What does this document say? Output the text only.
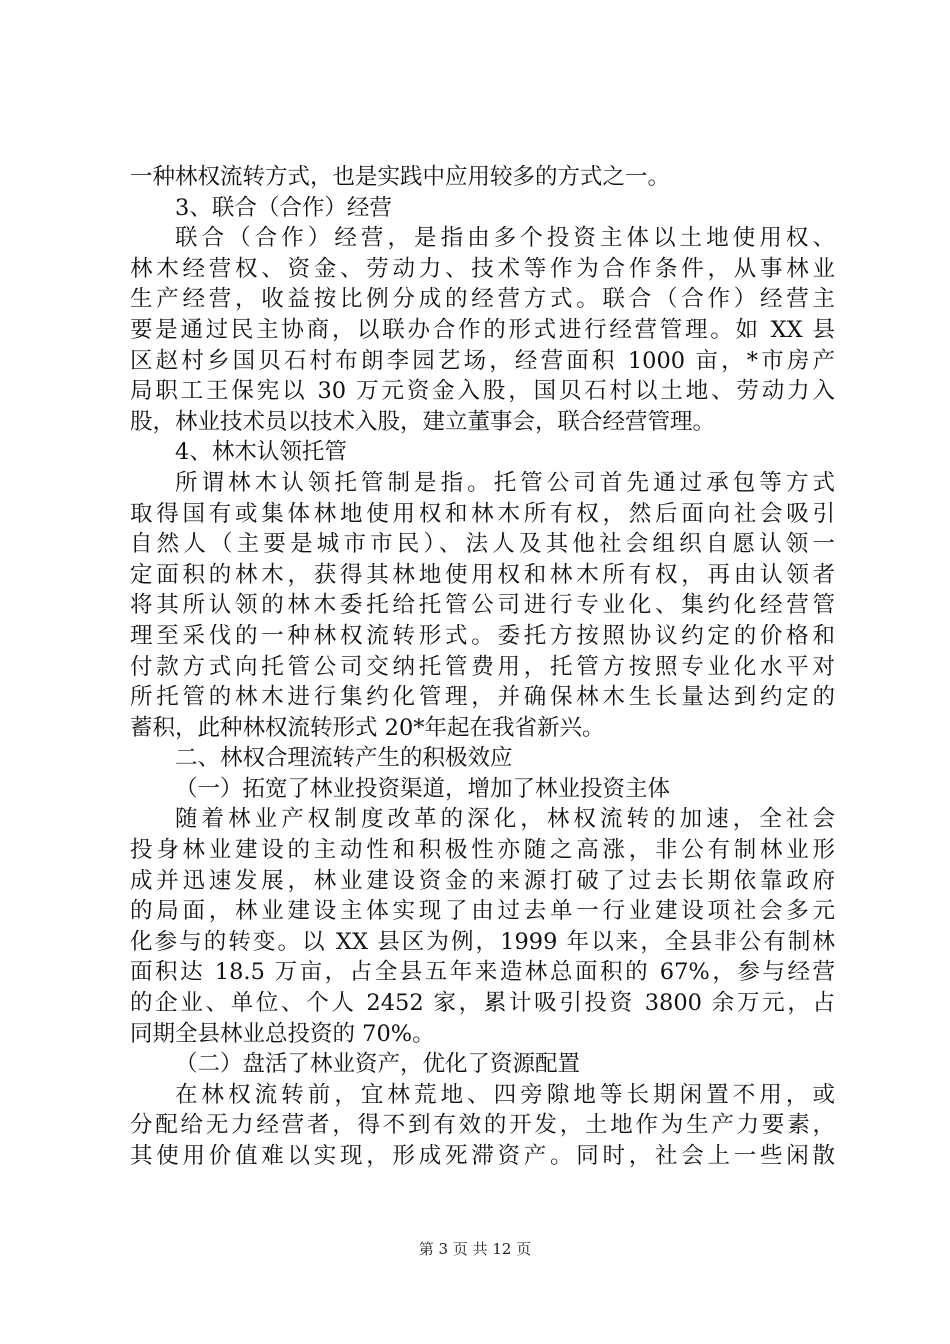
一种林权流转方式，也是实践中应用较多的方式之一。
3、联合（合作）经营
联合（合作）经营，是指由多个投资主体以土地使用权、
林木经营权、资金、劳动力、技术等作为合作条件，从事林业
生产经营，收益按比例分成的经营方式。联合（合作）经营主
要是通过民主协商，以联办合作的形式进行经营管理。如 XX 县
区赵村乡国贝石村布朗李园艺场，经营面积 1000 亩，*市房产
局职工王保宪以 30 万元资金入股，国贝石村以土地、劳动力入
股，林业技术员以技术入股，建立董事会，联合经营管理。
4、林木认领托管
所谓林木认领托管制是指。托管公司首先通过承包等方式
取得国有或集体林地使用权和林木所有权，然后面向社会吸引
自然人（主要是城市市民）、法人及其他社会组织自愿认领一
定面积的林木，获得其林地使用权和林木所有权，再由认领者
将其所认领的林木委托给托管公司进行专业化、集约化经营管
理至采伐的一种林权流转形式。委托方按照协议约定的价格和
付款方式向托管公司交纳托管费用，托管方按照专业化水平对
所托管的林木进行集约化管理，并确保林木生长量达到约定的
蓄积，此种林权流转形式 20*年起在我省新兴。
二、林权合理流转产生的积极效应
（一）拓宽了林业投资渠道，增加了林业投资主体
随着林业产权制度改革的深化，林权流转的加速，全社会
投身林业建设的主动性和积极性亦随之高涨，非公有制林业形
成并迅速发展，林业建设资金的来源打破了过去长期依靠政府
的局面，林业建设主体实现了由过去单一行业建设项社会多元
化参与的转变。以 XX 县区为例，1999 年以来，全县非公有制林
面积达 18.5 万亩，占全县五年来造林总面积的 67%，参与经营
的企业、单位、个人 2452 家，累计吸引投资 3800 余万元，占
同期全县林业总投资的 70%。
（二）盘活了林业资产，优化了资源配置
在林权流转前，宜林荒地、四旁隙地等长期闲置不用，或
分配给无力经营者，得不到有效的开发，土地作为生产力要素，
其使用价值难以实现，形成死滞资产。同时，社会上一些闲散
第 3 页 共 12 页
